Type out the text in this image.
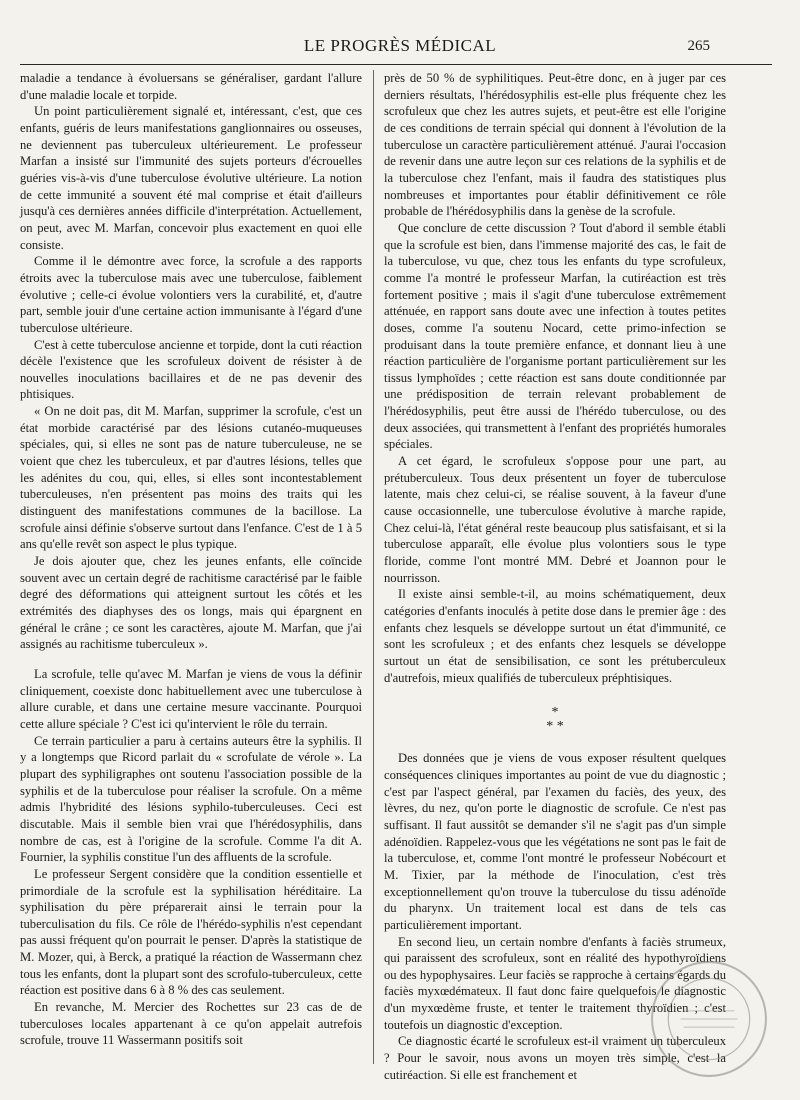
LE PROGRÈS MÉDICAL	265

maladie a tendance à évoluersans se généraliser, gardant l'allure d'une maladie locale et torpide.

Un point particulièrement signalé et, intéressant, c'est, que ces enfants, guéris de leurs manifestations ganglionnaires ou osseuses, ne deviennent pas tuberculeux ultérieurement. Le professeur Marfan a insisté sur l'immunité des sujets porteurs d'écrouelles guéries vis-à-vis d'une tuberculose évolutive ultérieure. La notion de cette immunité a souvent été mal comprise et était d'ailleurs jusqu'à ces dernières années difficile d'interprétation. Actuellement, on peut, avec M. Marfan, concevoir plus exactement en quoi elle consiste.

Comme il le démontre avec force, la scrofule a des rapports étroits avec la tuberculose mais avec une tuberculose, faiblement évolutive ; celle-ci évolue volontiers vers la curabilité, et, d'autre part, semble jouir d'une certaine action immunisante à l'égard d'une tuberculose ultérieure.

C'est à cette tuberculose ancienne et torpide, dont la cuti réaction décèle l'existence que les scrofuleux doivent de résister à de nouvelles inoculations bacillaires et de ne pas devenir des phtisiques.

« On ne doit pas, dit M. Marfan, supprimer la scrofule, c'est un état morbide caractérisé par des lésions cutanéo-muqueuses spéciales, qui, si elles ne sont pas de nature tuberculeuse, ne se voient que chez les tuberculeux, et par d'autres lésions, telles que les adénites du cou, qui, elles, si elles sont incontestablement tuberculeuses, n'en présentent pas moins des traits qui les distinguent des manifestations communes de la bacillose. La scrofule ainsi définie s'observe surtout dans l'enfance. C'est de 1 à 5 ans qu'elle revêt son aspect le plus typique.

Je dois ajouter que, chez les jeunes enfants, elle coïncide souvent avec un certain degré de rachitisme caractérisé par le faible degré des déformations qui atteignent surtout les côtés et les extrémités des diaphyses des os longs, mais qui épargnent en général le crâne ; ce sont les caractères, ajoute M. Marfan, que j'ai assignés au rachitisme tuberculeux ».

La scrofule, telle qu'avec M. Marfan je viens de vous la définir cliniquement, coexiste donc habituellement avec une tuberculose à allure curable, et dans une certaine mesure vaccinante. Pourquoi cette allure spéciale ? C'est ici qu'intervient le rôle du terrain.

Ce terrain particulier a paru à certains auteurs être la syphilis. Il y a longtemps que Ricord parlait du « scrofulate de vérole ». La plupart des syphiligraphes ont soutenu l'association possible de la syphilis et de la tuberculose pour réaliser la scrofule. On a même admis l'hybridité des lésions syphilo-tuberculeuses. Ceci est discutable. Mais il semble bien vrai que l'hérédosyphilis, dans nombre de cas, est à l'origine de la scrofule. Comme l'a dit A. Fournier, la syphilis constitue l'un des affluents de la scrofule.

Le professeur Sergent considère que la condition essentielle et primordiale de la scrofule est la syphilisation héréditaire. La syphilisation du père préparerait ainsi le terrain pour la tuberculisation du fils. Ce rôle de l'hérédo-syphilis n'est cependant pas aussi fréquent qu'on pourrait le penser. D'après la statistique de M. Mozer, qui, à Berck, a pratiqué la réaction de Wassermann chez tous les enfants, dont la plupart sont des scrofulo-tuberculeux, cette réaction est positive dans 6 à 8 % des cas seulement.

En revanche, M. Mercier des Rochettes sur 23 cas de de tuberculoses locales appartenant à ce qu'on appelait autrefois scrofule, trouve 11 Wassermann positifs soit

près de 50 % de syphilitiques. Peut-être donc, en à juger par ces derniers résultats, l'hérédosyphilis est-elle plus fréquente chez les scrofuleux que chez les autres sujets, et peut-être est elle l'origine de ces conditions de terrain spécial qui donnent à l'évolution de la tuberculose un caractère particulièrement atténué. J'aurai l'occasion de revenir dans une autre leçon sur ces relations de la syphilis et de la tuberculose chez l'enfant, mais il faudra des statistiques plus nombreuses et importantes pour établir définitivement ce rôle probable de l'hérédosyphilis dans la genèse de la scrofule.

Que conclure de cette discussion ? Tout d'abord il semble établi que la scrofule est bien, dans l'immense majorité des cas, le fait de la tuberculose, vu que, chez tous les enfants du type scrofuleux, comme l'a montré le professeur Marfan, la cutiréaction est très fortement positive ; mais il s'agit d'une tuberculose extrêmement atténuée, en rapport sans doute avec une infection à toutes petites doses, comme l'a soutenu Nocard, cette primo-infection se produisant dans la toute première enfance, et donnant lieu à une réaction particulière de l'organisme portant particulièrement sur les tissus lymphoïdes ; cette réaction est sans doute conditionnée par une prédisposition de terrain relevant probablement de l'hérédosyphilis, peut être aussi de l'hérédo tuberculose, ou des deux associées, qui transmettent à l'enfant des propriétés humorales spéciales.

A cet égard, le scrofuleux s'oppose pour une part, au prétuberculeux. Tous deux présentent un foyer de tuberculose latente, mais chez celui-ci, se réalise souvent, à la faveur d'une cause occasionnelle, une tuberculose évolutive à marche rapide, Chez celui-là, l'état général reste beaucoup plus satisfaisant, et si la tuberculose apparaît, elle évolue plus volontiers sous le type floride, comme l'ont montré MM. Debré et Joannon pour le nourrisson.

Il existe ainsi semble-t-il, au moins schématiquement, deux catégories d'enfants inoculés à petite dose dans le premier âge : des enfants chez lesquels se développe surtout un état d'immunité, ce sont les scrofuleux ; et des enfants chez lesquels se développe surtout un état de sensibilisation, ce sont les prétuberculeux d'autrefois, mieux qualifiés de tuberculeux préphtisiques.

*
* *

Des données que je viens de vous exposer résultent quelques conséquences cliniques importantes au point de vue du diagnostic ; c'est par l'aspect général, par l'examen du faciès, des yeux, des lèvres, du nez, qu'on porte le diagnostic de scrofule. Ce n'est pas suffisant. Il faut aussitôt se demander s'il ne s'agit pas d'un simple adénoïdien. Rappelez-vous que les végétations ne sont pas le fait de la tuberculose, et, comme l'ont montré le professeur Nobécourt et M. Tixier, par la méthode de l'inoculation, c'est très exceptionnellement qu'on trouve la tuberculose du tissu adénoïde du pharynx. Un traitement local est dans de tels cas particulièrement important.

En second lieu, un certain nombre d'enfants à faciès strumeux, qui paraissent des scrofuleux, sont en réalité des hypothyroïdiens ou des hypophysaires. Leur faciès se rapproche à certains égards du faciès myxœdémateux. Il faut donc faire quelquefois le diagnostic d'un myxœdème fruste, et tenter le traitement thyroïdien ; c'est toutefois un diagnostic d'exception.

Ce diagnostic écarté le scrofuleux est-il vraiment un tuberculeux ? Pour le savoir, nous avons un moyen très simple, c'est la cutiréaction. Si elle est franchement et
